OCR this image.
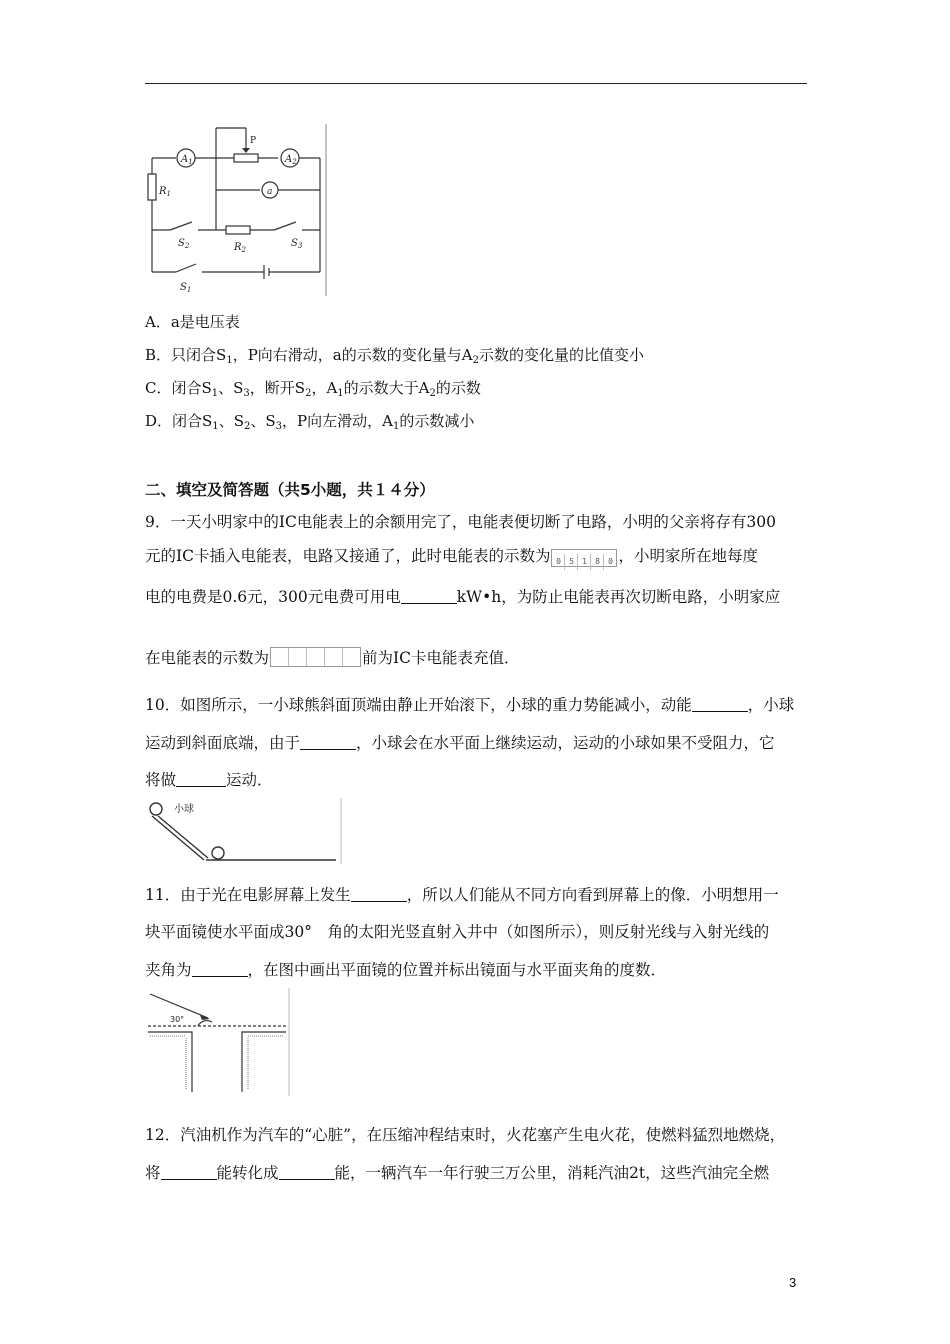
$A_1$	$A_2$
a
P
$R_1$
$R_2$
$S_2$	$S_3$
$S_1$
A．a是电压表
B．只闭合$S_1$，P向右滑动，a的示数的变化量与$A_2$示数的变化量的比值变小
C．闭合$S_1$、$S_3$，断开$S_2$，$A_1$的示数大于$A_2$的示数
D．闭合$S_1$、$S_2$、$S_3$，P向左滑动，$A_1$的示数减小
二、填空及简答题（共5小题，共１４分）
9．一天小明家中的IC电能表上的余额用完了，电能表便切断了电路，小明的父亲将存有300
元的IC卡插入电能表，电路又接通了，此时电能表的示数为 0 5 1 8 0 ，小明家所在地每度
电的电费是0.6元，300元电费可用电	kW•h，为防止电能表再次切断电路，小明家应
在电能表的示数为	前为IC卡电能表充值．
10．如图所示，一小球熊斜面顶端由静止开始滚下，小球的重力势能减小，动能	，小球
运动到斜面底端，由于	，小球会在水平面上继续运动，运动的小球如果不受阻力，它
将做	运动．
小球
11．由于光在电影屏幕上发生	，所以人们能从不同方向看到屏幕上的像．小明想用一
块平面镜使水平面成30°　角的太阳光竖直射入井中（如图所示），则反射光线与入射光线的
夹角为	，在图中画出平面镜的位置并标出镜面与水平面夹角的度数．
30°
12．汽油机作为汽车的“心脏”，在压缩冲程结束时，火花塞产生电火花，使燃料猛烈地燃烧，
将	能转化成	能，一辆汽车一年行驶三万公里，消耗汽油2t，这些汽油完全燃
3
